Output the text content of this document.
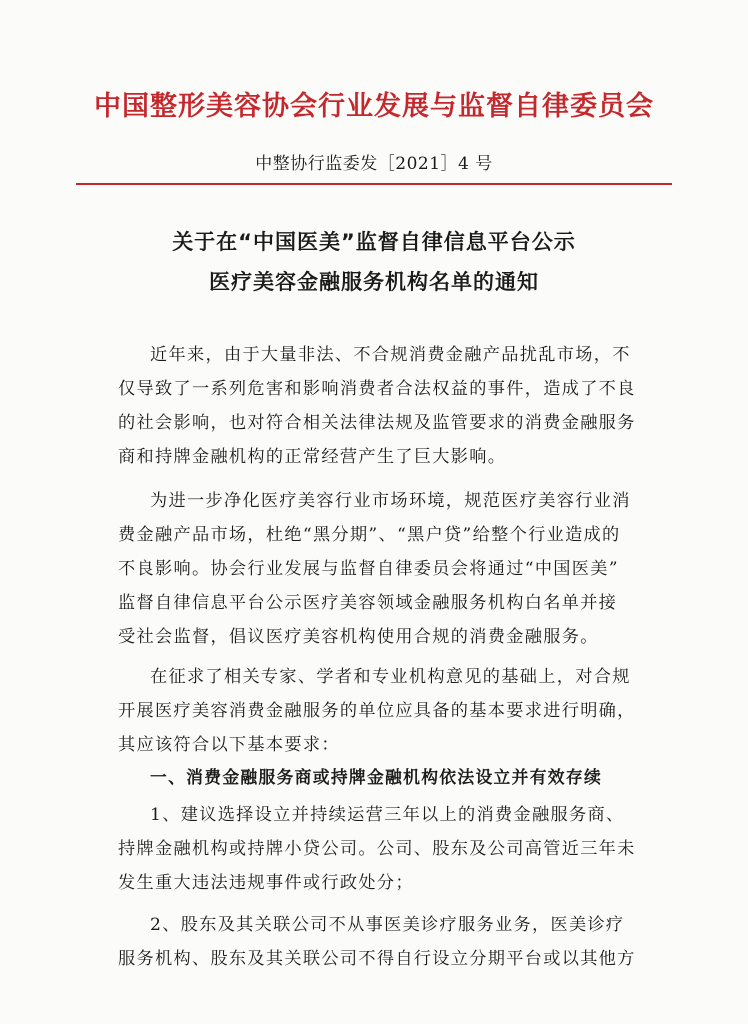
中国整形美容协会行业发展与监督自律委员会
中整协行监委发［2021］4 号
关于在“中国医美”监督自律信息平台公示
医疗美容金融服务机构名单的通知
近年来，由于大量非法、不合规消费金融产品扰乱市场，不
仅导致了一系列危害和影响消费者合法权益的事件，造成了不良
的社会影响，也对符合相关法律法规及监管要求的消费金融服务
商和持牌金融机构的正常经营产生了巨大影响。
为进一步净化医疗美容行业市场环境，规范医疗美容行业消
费金融产品市场，杜绝“黑分期”、“黑户贷”给整个行业造成的
不良影响。协会行业发展与监督自律委员会将通过“中国医美”
监督自律信息平台公示医疗美容领域金融服务机构白名单并接
受社会监督，倡议医疗美容机构使用合规的消费金融服务。
在征求了相关专家、学者和专业机构意见的基础上，对合规
开展医疗美容消费金融服务的单位应具备的基本要求进行明确，
其应该符合以下基本要求：
一、消费金融服务商或持牌金融机构依法设立并有效存续
1、建议选择设立并持续运营三年以上的消费金融服务商、
持牌金融机构或持牌小贷公司。公司、股东及公司高管近三年未
发生重大违法违规事件或行政处分；
2、股东及其关联公司不从事医美诊疗服务业务，医美诊疗
服务机构、股东及其关联公司不得自行设立分期平台或以其他方
